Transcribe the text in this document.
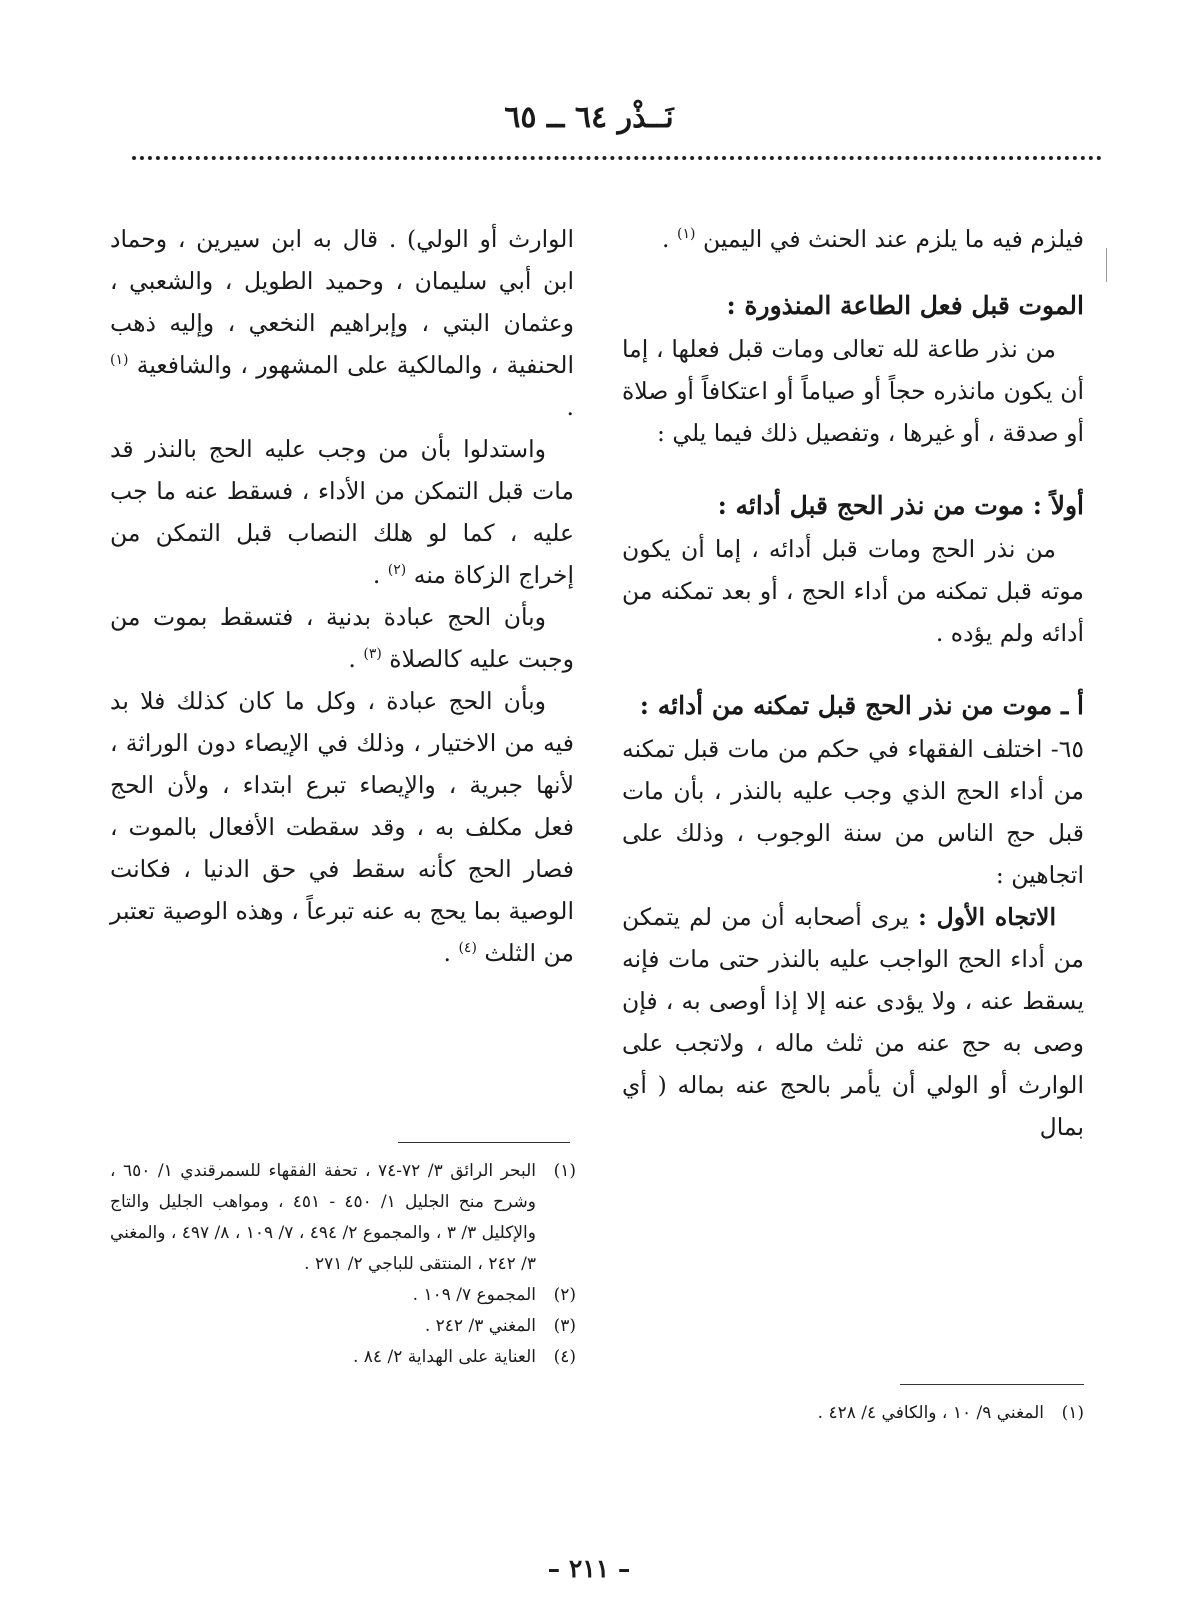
نَــذْر ٦٤ ــ ٦٥

فيلزم فيه ما يلزم عند الحنث في اليمين $^{(١)}$ .

الموت قبل فعل الطاعة المنذورة :

من نذر طاعة لله تعالى ومات قبل فعلها ، إما أن يكون مانذره حجاً أو صياماً أو اعتكافاً أو صلاة أو صدقة ، أو غيرها ، وتفصيل ذلك فيما يلي :

أولاً : موت من نذر الحج قبل أدائه :

من نذر الحج ومات قبل أدائه ، إما أن يكون موته قبل تمكنه من أداء الحج ، أو بعد تمكنه من أدائه ولم يؤده .

أ ـ موت من نذر الحج قبل تمكنه من أدائه :

٦٥- اختلف الفقهاء في حكم من مات قبل تمكنه من أداء الحج الذي وجب عليه بالنذر ، بأن مات قبل حج الناس من سنة الوجوب ، وذلك على اتجاهين :

الاتجاه الأول : يرى أصحابه أن من لم يتمكن من أداء الحج الواجب عليه بالنذر حتى مات فإنه يسقط عنه ، ولا يؤدى عنه إلا إذا أوصى به ، فإن وصى به حج عنه من ثلث ماله ، ولاتجب على الوارث أو الولي أن يأمر بالحج عنه بماله ( أي بمال

الوارث أو الولي) . قال به ابن سيرين ، وحماد ابن أبي سليمان ، وحميد الطويل ، والشعبي ، وعثمان البتي ، وإبراهيم النخعي ، وإليه ذهب الحنفية ، والمالكية على المشهور ، والشافعية $^{(١)}$ .

واستدلوا بأن من وجب عليه الحج بالنذر قد مات قبل التمكن من الأداء ، فسقط عنه ما جب عليه ، كما لو هلك النصاب قبل التمكن من إخراج الزكاة منه $^{(٢)}$ .

وبأن الحج عبادة بدنية ، فتسقط بموت من وجبت عليه كالصلاة $^{(٣)}$ .

وبأن الحج عبادة ، وكل ما كان كذلك فلا بد فيه من الاختيار ، وذلك في الإيصاء دون الوراثة ، لأنها جبرية ، والإيصاء تبرع ابتداء ، ولأن الحج فعل مكلف به ، وقد سقطت الأفعال بالموت ، فصار الحج كأنه سقط في حق الدنيا ، فكانت الوصية بما يحج به عنه تبرعاً ، وهذه الوصية تعتبر من الثلث $^{(٤)}$ .

(١)
البحر الرائق ٣/ ٧٢-٧٤ ، تحفة الفقهاء للسمرقندي ١/ ٦٥٠ ، وشرح منح الجليل ١/ ٤٥٠ - ٤٥١ ، ومواهب الجليل والتاج والإكليل ٣/ ٣ ، والمجموع ٢/ ٤٩٤ ، ٧/ ١٠٩ ، ٨/ ٤٩٧ ، والمغني ٣/ ٢٤٢ ، المنتقى للباجي ٢/ ٢٧١ .
(٢)
المجموع ٧/ ١٠٩ .
(٣)
المغني ٣/ ٢٤٢ .
(٤)
العناية على الهداية ٢/ ٨٤ .
(١)
المغني ٩/ ١٠ ، والكافي ٤/ ٤٢٨ .
– ٢١١ –
